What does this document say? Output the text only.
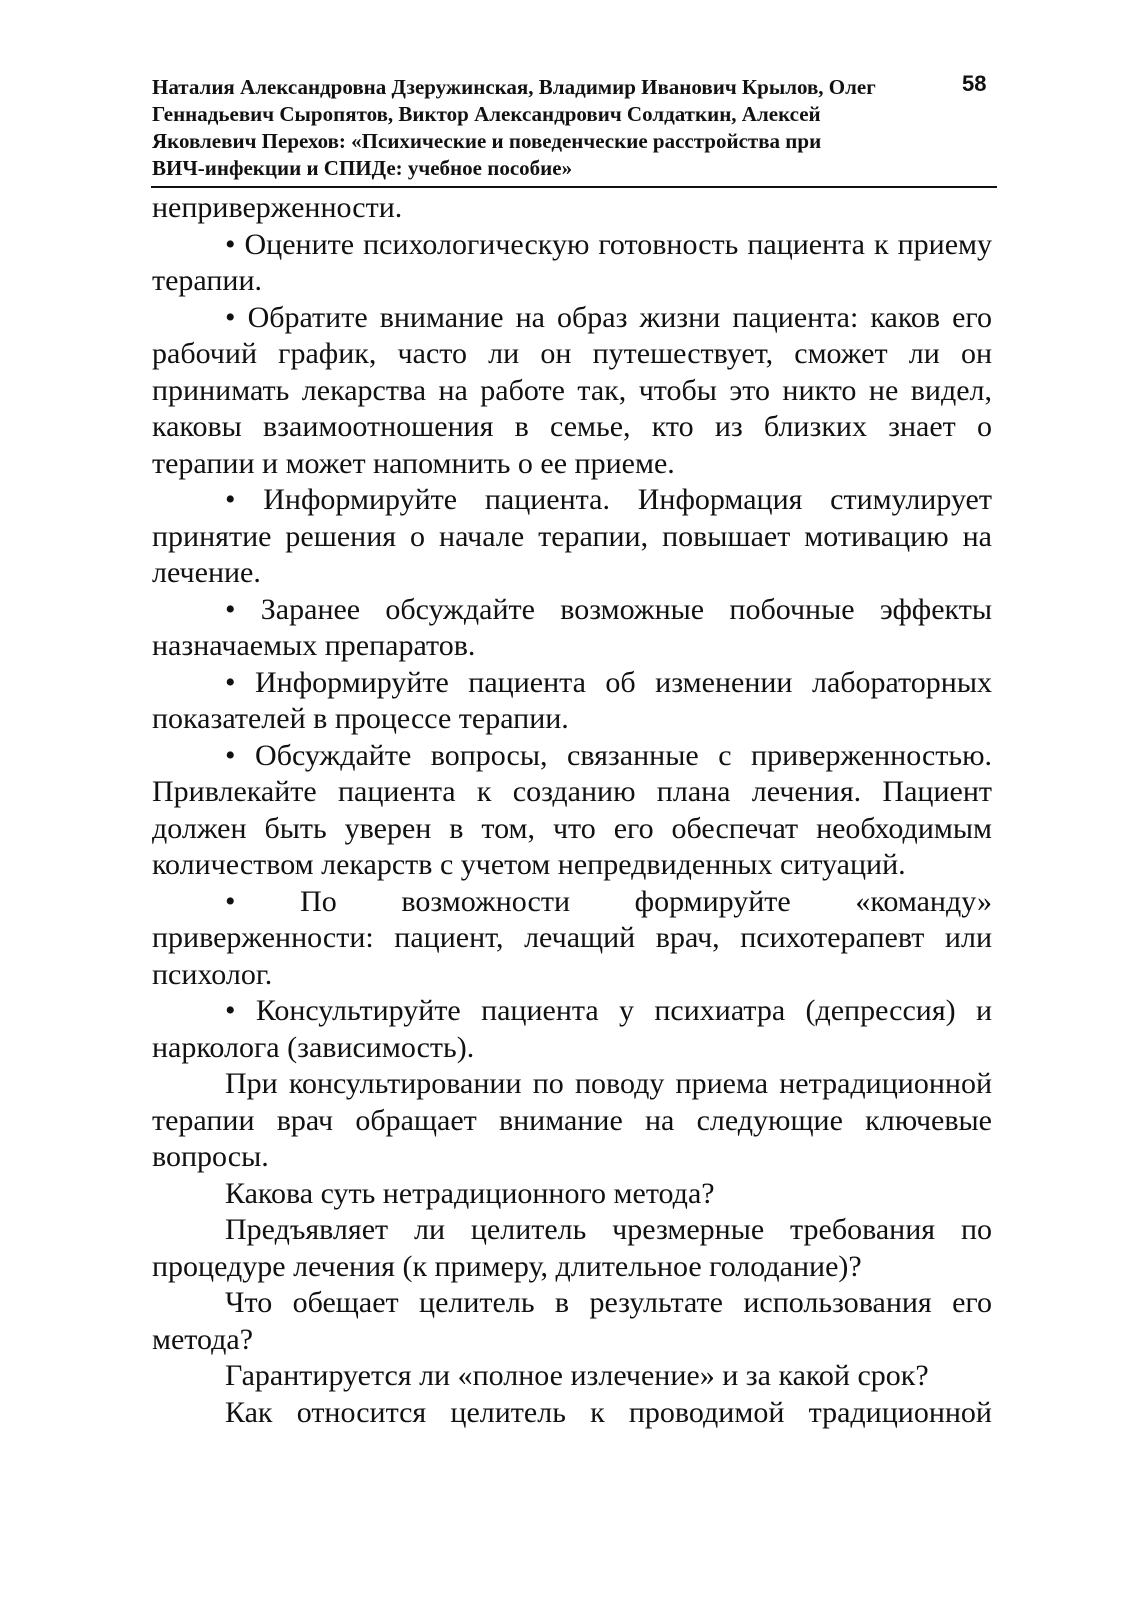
Наталия Александровна Дзеружинская, Владимир Иванович Крылов, Олег
Геннадьевич Сыропятов, Виктор Александрович Солдаткин, Алексей
Яковлевич Перехов: «Психические и поведенческие расстройства при
ВИЧ-инфекции и СПИДе: учебное пособие»
58

неприверженности.

• Оцените психологическую готовность пациента к приему терапии.

• Обратите внимание на образ жизни пациента: каков его рабочий график, часто ли он путешествует, сможет ли он принимать лекарства на работе так, чтобы это никто не видел, каковы взаимоотношения в семье, кто из близких знает о терапии и может напомнить о ее приеме.

• Информируйте пациента. Информация стимулирует принятие решения о начале терапии, повышает мотивацию на лечение.

• Заранее обсуждайте возможные побочные эффекты назначаемых препаратов.

• Информируйте пациента об изменении лабораторных показателей в процессе терапии.

• Обсуждайте вопросы, связанные с приверженностью. Привлекайте пациента к созданию плана лечения. Пациент должен быть уверен в том, что его обеспечат необходимым количеством лекарств с учетом непредвиденных ситуаций.

• По возможности формируйте «команду» приверженности: пациент, лечащий врач, психотерапевт или психолог.

• Консультируйте пациента у психиатра (депрессия) и нарколога (зависимость).

При консультировании по поводу приема нетрадиционной терапии врач обращает внимание на следующие ключевые вопросы.

Какова суть нетрадиционного метода?

Предъявляет ли целитель чрезмерные требования по процедуре лечения (к примеру, длительное голодание)?

Что обещает целитель в результате использования его метода?

Гарантируется ли «полное излечение» и за какой срок?

Как относится целитель к проводимой традиционной
